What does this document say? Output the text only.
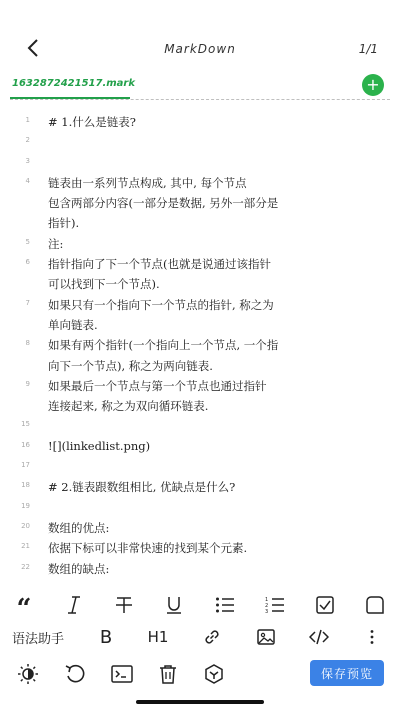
MarkDown	1/1
1632872421517.mark	+
1 # 1.什么是链表?
2
3
4 链表由一系列节点构成, 其中, 每个节点
包含两部分内容(一部分是数据, 另外一部分是
指针).
5 注:
6 指针指向了下一个节点(也就是说通过该指针
可以找到下一个节点).
7 如果只有一个指向下一个节点的指针, 称之为
单向链表.
8 如果有两个指针(一个指向上一个节点, 一个指
向下一个节点), 称之为两向链表.
9 如果最后一个节点与第一个节点也通过指针
连接起来, 称之为双向循环链表.
15
16 ![](linkedlist.png)
17
18 # 2.链表跟数组相比, 优缺点是什么?
19
20 数组的优点:
21 依据下标可以非常快速的找到某个元素.
22 数组的缺点:
“	1
2
3
语法助手	B	H1
保存预览
